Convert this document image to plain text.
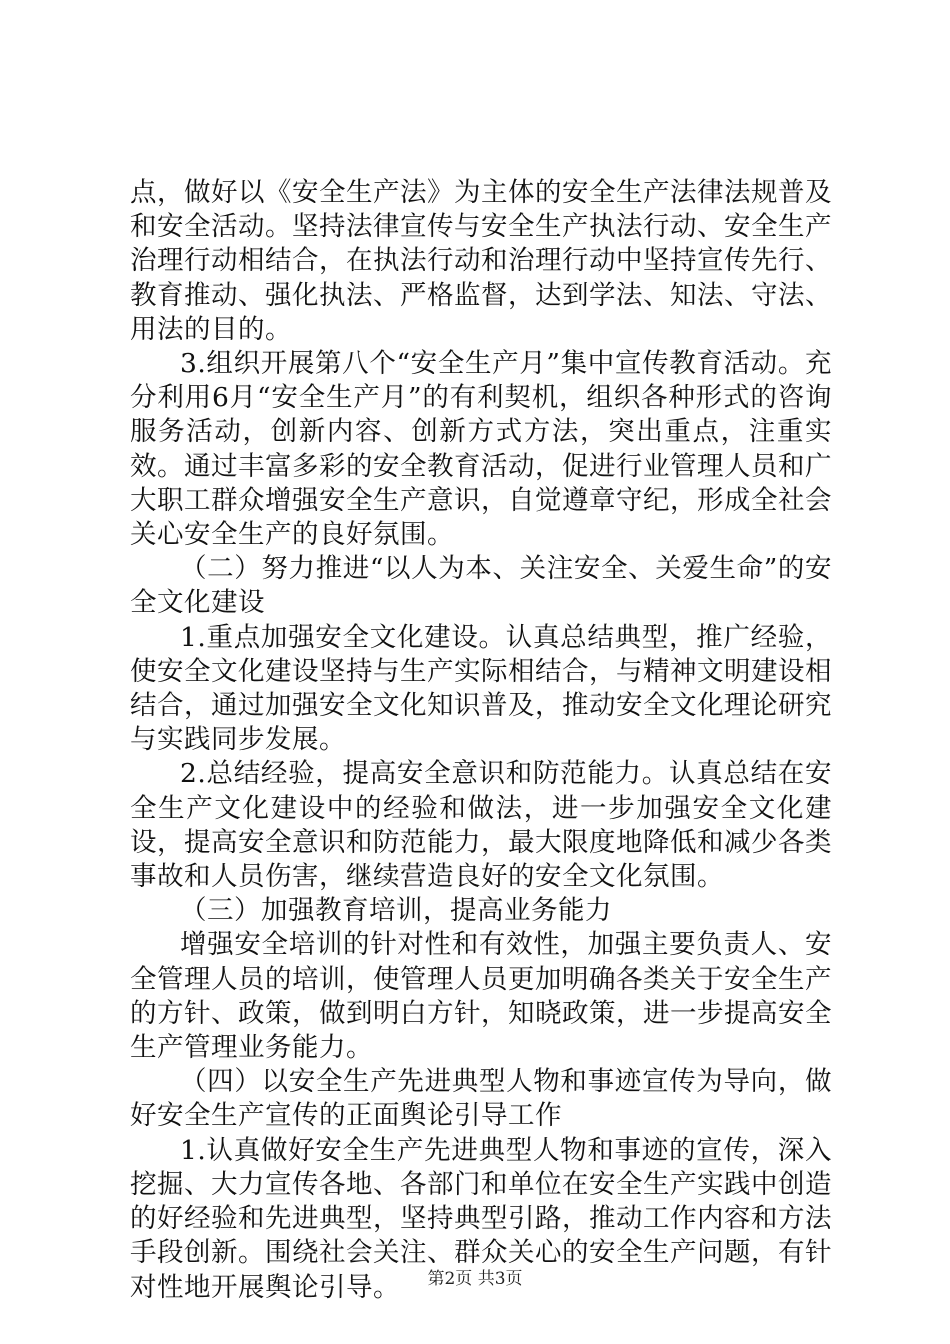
点，做好以《安全生产法》为主体的安全生产法律法规普及和安全活动。坚持法律宣传与安全生产执法行动、安全生产治理行动相结合，在执法行动和治理行动中坚持宣传先行、教育推动、强化执法、严格监督，达到学法、知法、守法、用法的目的。

3.组织开展第八个“安全生产月”集中宣传教育活动。充分利用6月“安全生产月”的有利契机，组织各种形式的咨询服务活动，创新内容、创新方式方法，突出重点，注重实效。通过丰富多彩的安全教育活动，促进行业管理人员和广大职工群众增强安全生产意识，自觉遵章守纪，形成全社会关心安全生产的良好氛围。

（二）努力推进“以人为本、关注安全、关爱生命”的安全文化建设

1.重点加强安全文化建设。认真总结典型，推广经验，使安全文化建设坚持与生产实际相结合，与精神文明建设相结合，通过加强安全文化知识普及，推动安全文化理论研究与实践同步发展。

2.总结经验，提高安全意识和防范能力。认真总结在安全生产文化建设中的经验和做法，进一步加强安全文化建设，提高安全意识和防范能力，最大限度地降低和减少各类事故和人员伤害，继续营造良好的安全文化氛围。

（三）加强教育培训，提高业务能力

增强安全培训的针对性和有效性，加强主要负责人、安全管理人员的培训，使管理人员更加明确各类关于安全生产的方针、政策，做到明白方针，知晓政策，进一步提高安全生产管理业务能力。

（四）以安全生产先进典型人物和事迹宣传为导向，做好安全生产宣传的正面舆论引导工作

1.认真做好安全生产先进典型人物和事迹的宣传，深入挖掘、大力宣传各地、各部门和单位在安全生产实践中创造的好经验和先进典型，坚持典型引路，推动工作内容和方法手段创新。围绕社会关注、群众关心的安全生产问题，有针对性地开展舆论引导。	第2页 共3页
